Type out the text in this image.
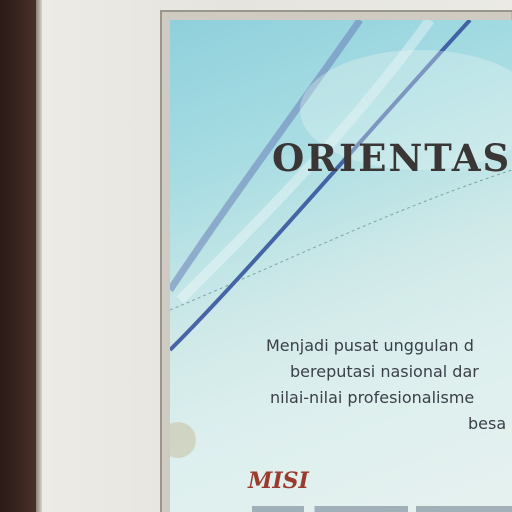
ORIENTAS
Menjadi pusat unggulan d
bereputasi nasional dar
nilai-nilai profesionalisme
besa
MISI
